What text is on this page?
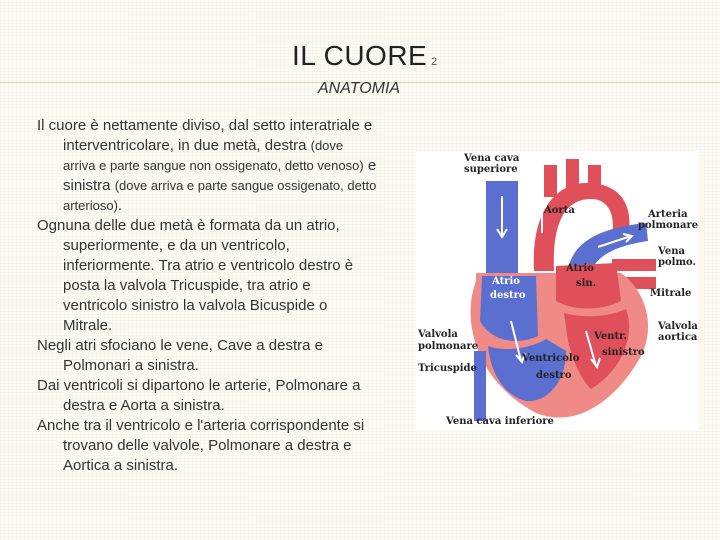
IL CUORE 2
ANATOMIA

Il cuore è nettamente diviso, dal setto interatriale e interventricolare, in due metà, destra (dove arriva e parte sangue non ossigenato, detto venoso) e sinistra (dove arriva e parte sangue ossigenato, detto arterioso).

Ognuna delle due metà è formata da un atrio, superiormente, e da un ventricolo, inferiormente. Tra atrio e ventricolo destro è posta la valvola Tricuspide, tra atrio e ventricolo sinistro la valvola Bicuspide o Mitrale.

Negli atri sfociano le vene, Cave a destra e Polmonari a sinistra.

Dai ventricoli si dipartono le arterie, Polmonare a destra e Aorta a sinistra.

Anche tra il ventricolo e l'arteria corrispondente si trovano delle valvole, Polmonare a destra e Aortica a sinistra.

Vena cava
superiore
Aorta	Arteria
polmonare
Vena
polmo.
Atrio
destro
Atrio
sin.
Mitrale
Valvola
aortica
Valvola
polmonare
Ventr.
sinistro
Ventricolo
destro
Tricuspide
Vena cava inferiore
